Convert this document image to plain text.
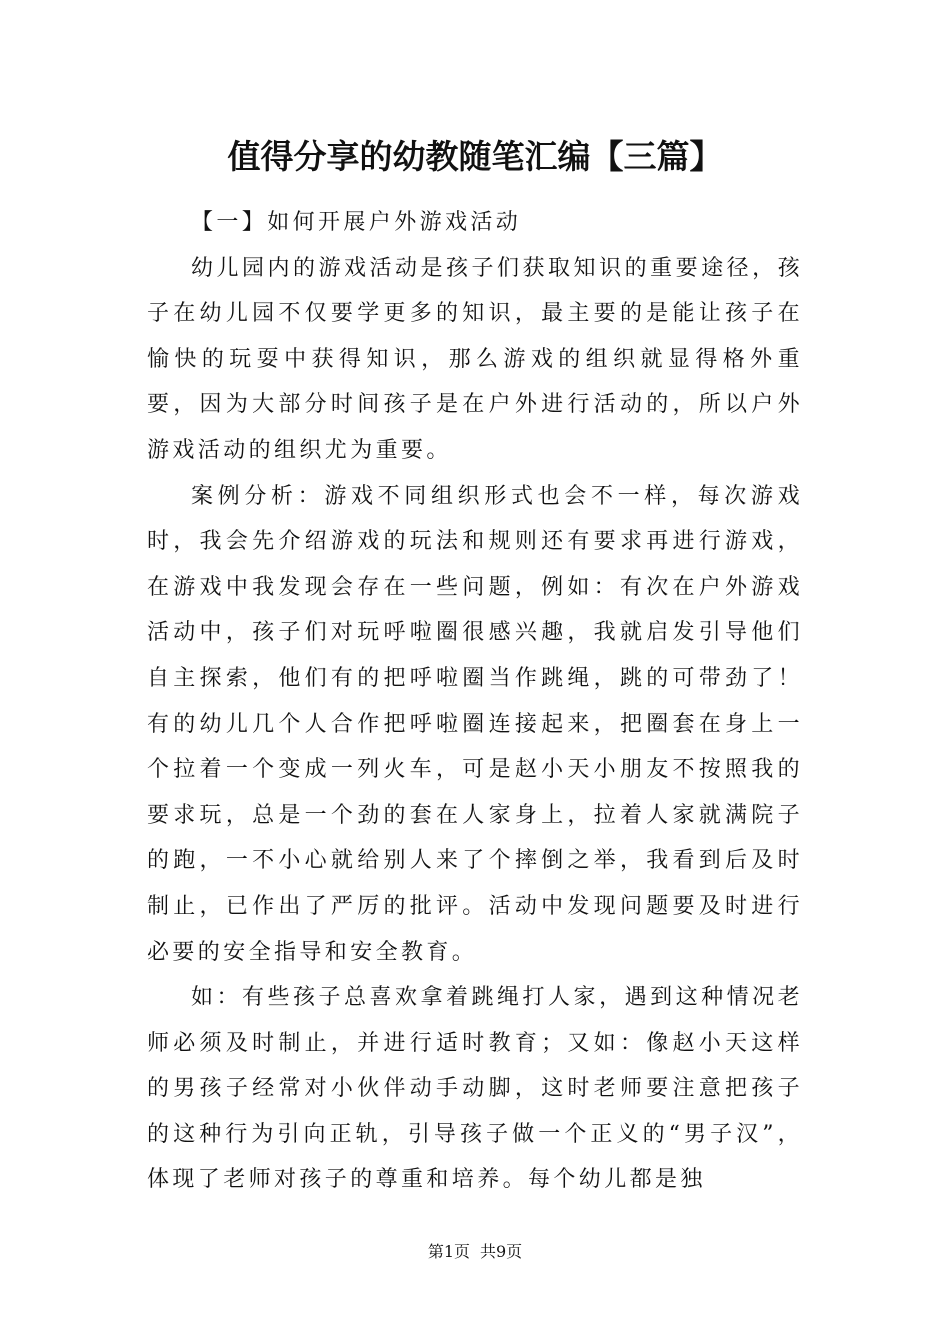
值得分享的幼教随笔汇编【三篇】

【一】如何开展户外游戏活动

幼儿园内的游戏活动是孩子们获取知识的重要途径，孩子在幼儿园不仅要学更多的知识，最主要的是能让孩子在愉快的玩耍中获得知识，那么游戏的组织就显得格外重要，因为大部分时间孩子是在户外进行活动的，所以户外游戏活动的组织尤为重要。

案例分析：游戏不同组织形式也会不一样，每次游戏时，我会先介绍游戏的玩法和规则还有要求再进行游戏，在游戏中我发现会存在一些问题，例如：有次在户外游戏活动中，孩子们对玩呼啦圈很感兴趣，我就启发引导他们自主探索，他们有的把呼啦圈当作跳绳，跳的可带劲了！有的幼儿几个人合作把呼啦圈连接起来，把圈套在身上一个拉着一个变成一列火车，可是赵小天小朋友不按照我的要求玩，总是一个劲的套在人家身上，拉着人家就满院子的跑，一不小心就给别人来了个摔倒之举，我看到后及时制止，已作出了严厉的批评。活动中发现问题要及时进行必要的安全指导和安全教育。

如：有些孩子总喜欢拿着跳绳打人家，遇到这种情况老师必须及时制止，并进行适时教育；又如：像赵小天这样的男孩子经常对小伙伴动手动脚，这时老师要注意把孩子的这种行为引向正轨，引导孩子做一个正义的“男子汉”，体现了老师对孩子的尊重和培养。每个幼儿都是独

第1页 共9页
